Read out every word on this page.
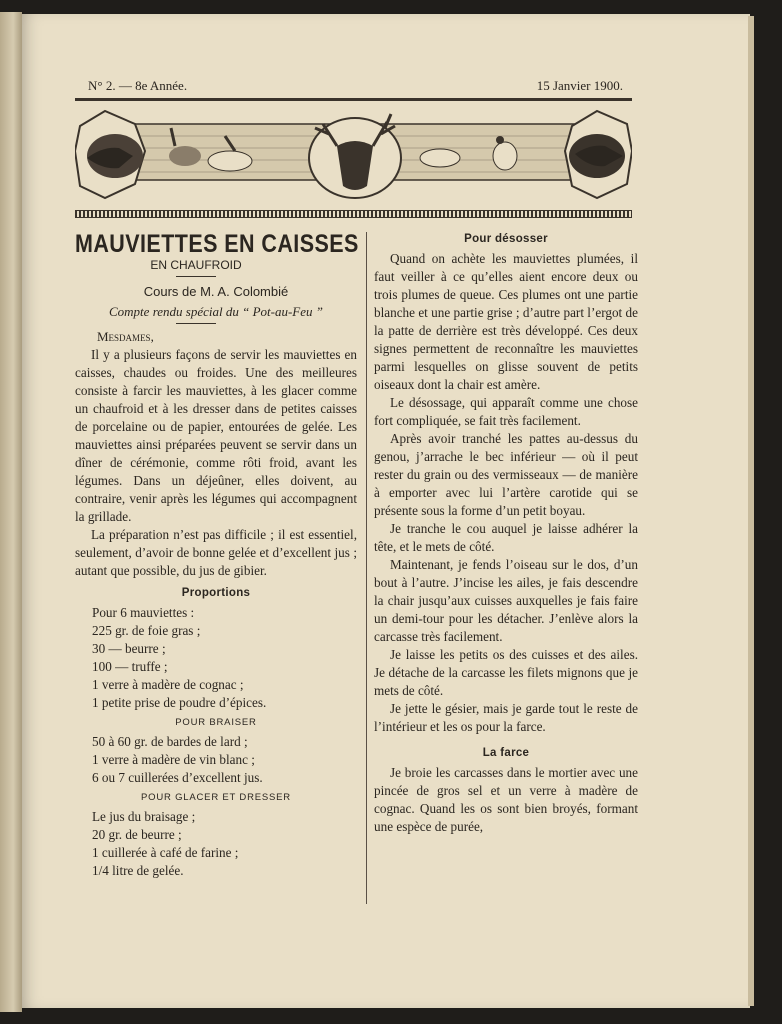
N° 2. — 8e Année.	15 Janvier 1900.
MAUVIETTES EN CAISSES
EN CHAUFROID
Cours de M. A. Colombié
Compte rendu spécial du “ Pot-au-Feu ”
Mesdames,

Il y a plusieurs façons de servir les mauviettes en caisses, chaudes ou froides. Une des meilleures consiste à farcir les mauviettes, à les glacer comme un chaufroid et à les dresser dans de petites caisses de porcelaine ou de papier, entourées de gelée. Les mauviettes ainsi préparées peuvent se servir dans un dîner de cérémonie, comme rôti froid, avant les légumes. Dans un déjeûner, elles doivent, au contraire, venir après les légumes qui accompagnent la grillade.

La préparation n’est pas difficile ; il est essentiel, seulement, d’avoir de bonne gelée et d’excellent jus ; autant que possible, du jus de gibier.

Proportions

Pour 6 mauviettes :

225 gr. de foie gras ;

30 — beurre ;

100 — truffe ;

1 verre à madère de cognac ;

1 petite prise de poudre d’épices.

POUR BRAISER

50 à 60 gr. de bardes de lard ;

1 verre à madère de vin blanc ;

6 ou 7 cuillerées d’excellent jus.

POUR GLACER ET DRESSER

Le jus du braisage ;

20 gr. de beurre ;

1 cuillerée à café de farine ;

1/4 litre de gelée.

Pour désosser

Quand on achète les mauviettes plumées, il faut veiller à ce qu’elles aient encore deux ou trois plumes de queue. Ces plumes ont une partie blanche et une partie grise ; d’autre part l’ergot de la patte de derrière est très développé. Ces deux signes permettent de reconnaître les mauviettes parmi lesquelles on glisse souvent de petits oiseaux dont la chair est amère.

Le désossage, qui apparaît comme une chose fort compliquée, se fait très facilement.

Après avoir tranché les pattes au-dessus du genou, j’arrache le bec inférieur — où il peut rester du grain ou des vermisseaux — de manière à emporter avec lui l’artère carotide qui se présente sous la forme d’un petit boyau.

Je tranche le cou auquel je laisse adhérer la tête, et le mets de côté.

Maintenant, je fends l’oiseau sur le dos, d’un bout à l’autre. J’incise les ailes, je fais descendre la chair jusqu’aux cuisses auxquelles je fais faire un demi-tour pour les détacher. J’enlève alors la carcasse très facilement.

Je laisse les petits os des cuisses et des ailes. Je détache de la carcasse les filets mignons que je mets de côté.

Je jette le gésier, mais je garde tout le reste de l’intérieur et les os pour la farce.

La farce

Je broie les carcasses dans le mortier avec une pincée de gros sel et un verre à madère de cognac. Quand les os sont bien broyés, formant une espèce de purée,
